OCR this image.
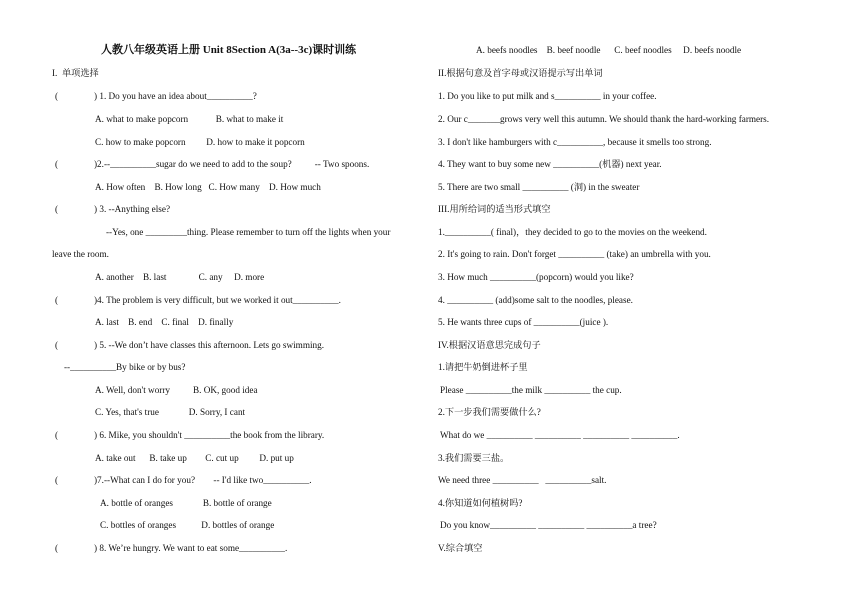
人教八年级英语上册 Unit 8Section A(3a--3c)课时训练
I.  单项选择
(	) 1. Do you have an idea about__________?
A. what to make popcorn            B. what to make it
C. how to make popcorn         D. how to make it popcorn
(	)2.--__________sugar do we need to add to the soup?          -- Two spoons.
A. How often    B. How long   C. How many    D. How much
(	) 3. --Anything else?
--Yes, one _________thing. Please remember to turn off the lights when your
leave the room.
A. another    B. last              C. any     D. more
(	)4. The problem is very difficult, but we worked it out__________.
A. last    B. end    C. final    D. finally
(	) 5. --We don’t have classes this afternoon. Lets go swimming.
--__________By bike or by bus?
A. Well, don't worry          B. OK, good idea
C. Yes, that's true             D. Sorry, I cant
(	) 6. Mike, you shouldn't __________the book from the library.
A. take out      B. take up        C. cut up         D. put up
(	)7.--What can I do for you?        -- I'd like two__________.
A. bottle of oranges             B. bottle of orange
C. bottles of oranges           D. bottles of orange
(	) 8. We’re hungry. We want to eat some__________.
A. beefs noodles    B. beef noodle      C. beef noodles     D. beefs noodle
II.根据句意及首字母或汉语提示写出单词
1. Do you like to put milk and s__________ in your coffee.
2. Our c_______grows very well this autumn. We should thank the hard-working farmers.
3. I don't like hamburgers with c__________, because it smells too strong.
4. They want to buy some new __________(机器) next year.
5. There are two small __________ (洞) in the sweater
III.用所给词的适当形式填空
1.__________( final)，they decided to go to the movies on the weekend.
2. It's going to rain. Don't forget __________ (take) an umbrella with you.
3. How much __________(popcorn) would you like?
4. __________ (add)some salt to the noodles, please.
5. He wants three cups of __________(juice ).
IV.根据汉语意思完成句子
1.请把牛奶倒进杯子里
Please __________the milk __________ the cup.
2.下一步我们需要做什么?
What do we __________ __________ __________ __________.
3.我们需要三盐。
We need three __________   __________salt.
4.你知道如何植树吗?
Do you know__________ __________ __________a tree?
V.综合填空
